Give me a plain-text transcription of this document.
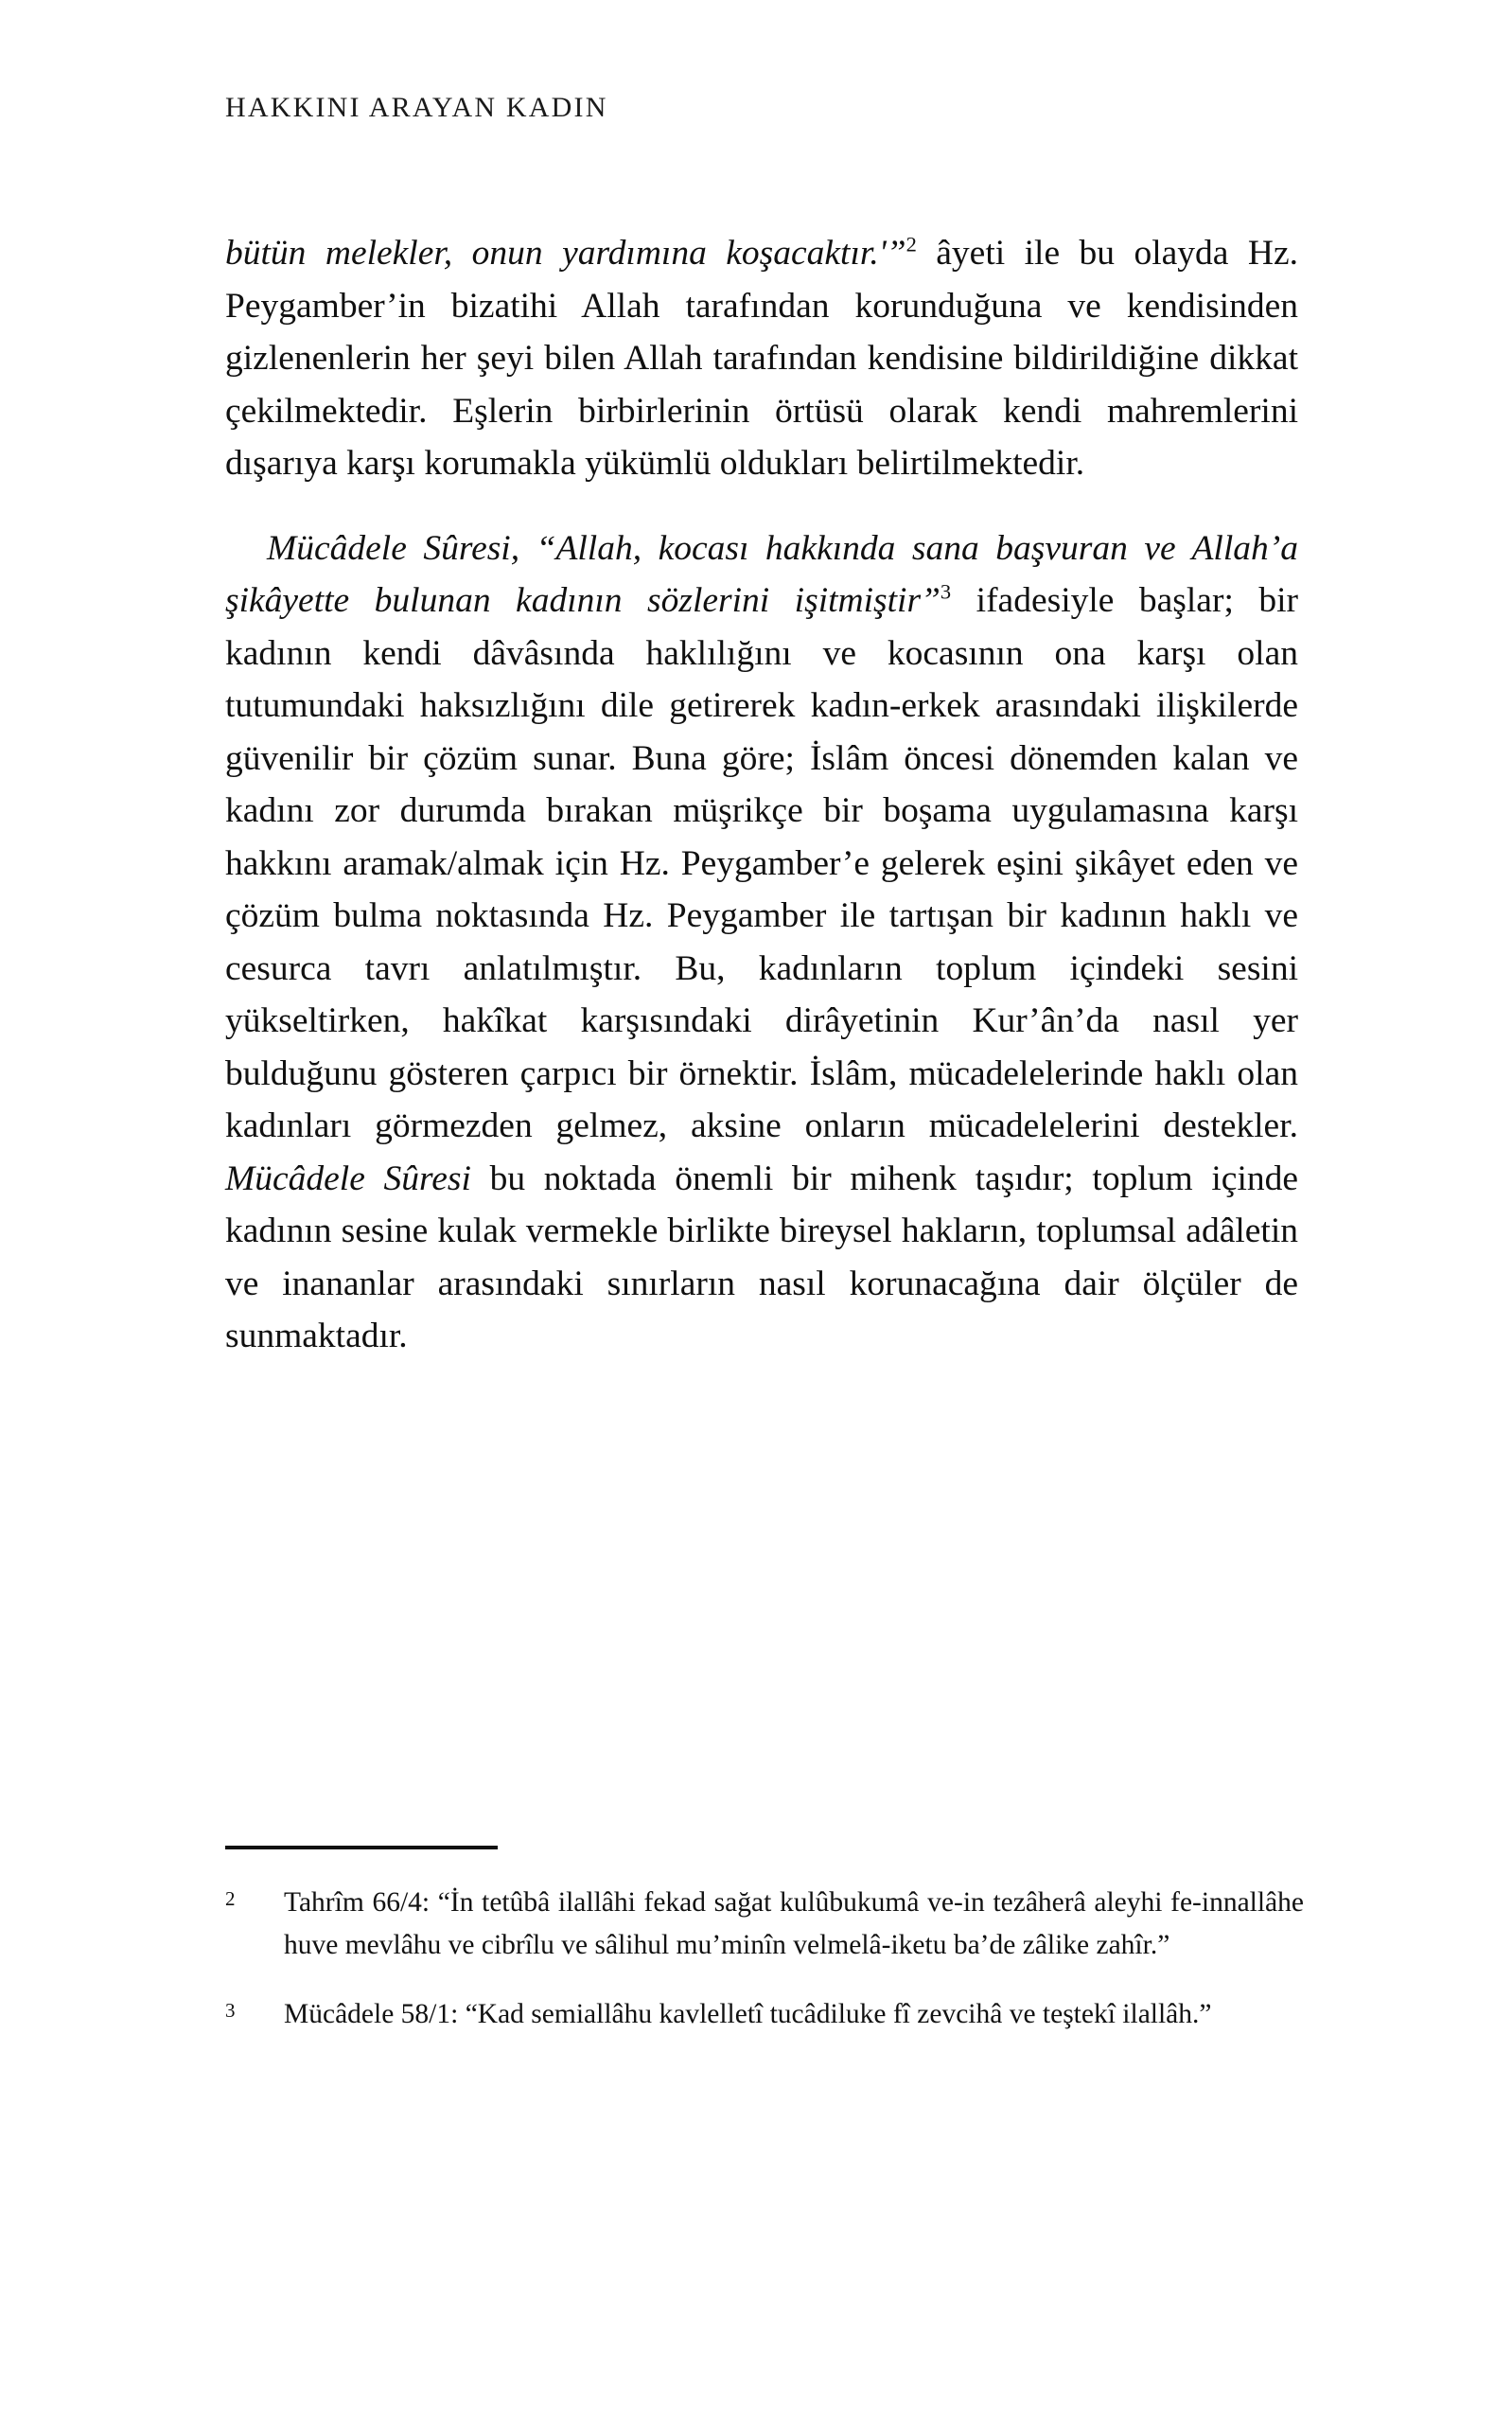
HAKKINI ARAYAN KADIN

bütün melekler, onun yardımına koşacaktır.'”$^2$ âyeti ile bu olayda Hz. Peygamber’in bizatihi Allah tarafından korunduğuna ve kendisinden gizlenenlerin her şeyi bilen Allah tarafından kendisine bildirildiğine dikkat çekilmektedir. Eşlerin birbirlerinin örtüsü olarak kendi mahremlerini dışarıya karşı korumakla yükümlü oldukları belirtilmektedir.

Mücâdele Sûresi, “Allah, kocası hakkında sana başvuran ve Allah’a şikâyette bulunan kadının sözlerini işitmiştir”$^3$ ifadesiyle başlar; bir kadının kendi dâvâsında haklılığını ve kocasının ona karşı olan tutumundaki haksızlığını dile getirerek kadın-erkek arasındaki ilişkilerde güvenilir bir çözüm sunar. Buna göre; İslâm öncesi dönemden kalan ve kadını zor durumda bırakan müşrikçe bir boşama uygulamasına karşı hakkını aramak/almak için Hz. Peygamber’e gelerek eşini şikâyet eden ve çözüm bulma noktasında Hz. Peygamber ile tartışan bir kadının haklı ve cesurca tavrı anlatılmıştır. Bu, kadınların toplum içindeki sesini yükseltirken, hakîkat karşısındaki dirâyetinin Kur’ân’da nasıl yer bulduğunu gösteren çarpıcı bir örnektir. İslâm, mücadelelerinde haklı olan kadınları görmezden gelmez, aksine onların mücadelelerini destekler. Mücâdele Sûresi bu noktada önemli bir mihenk taşıdır; toplum içinde kadının sesine kulak vermekle birlikte bireysel hakların, toplumsal adâletin ve inananlar arasındaki sınırların nasıl korunacağına dair ölçüler de sunmaktadır.

2 Tahrîm 66/4: “İn tetûbâ ilallâhi fekad sağat kulûbukumâ ve-in tezâherâ aleyhi fe-innallâhe huve mevlâhu ve cibrîlu ve sâlihul mu’minîn velmelâ-iketu ba’de zâlike zahîr.”
3 Mücâdele 58/1: “Kad semiallâhu kavlelletî tucâdiluke fî zevcihâ ve teştekî ilallâh.”
